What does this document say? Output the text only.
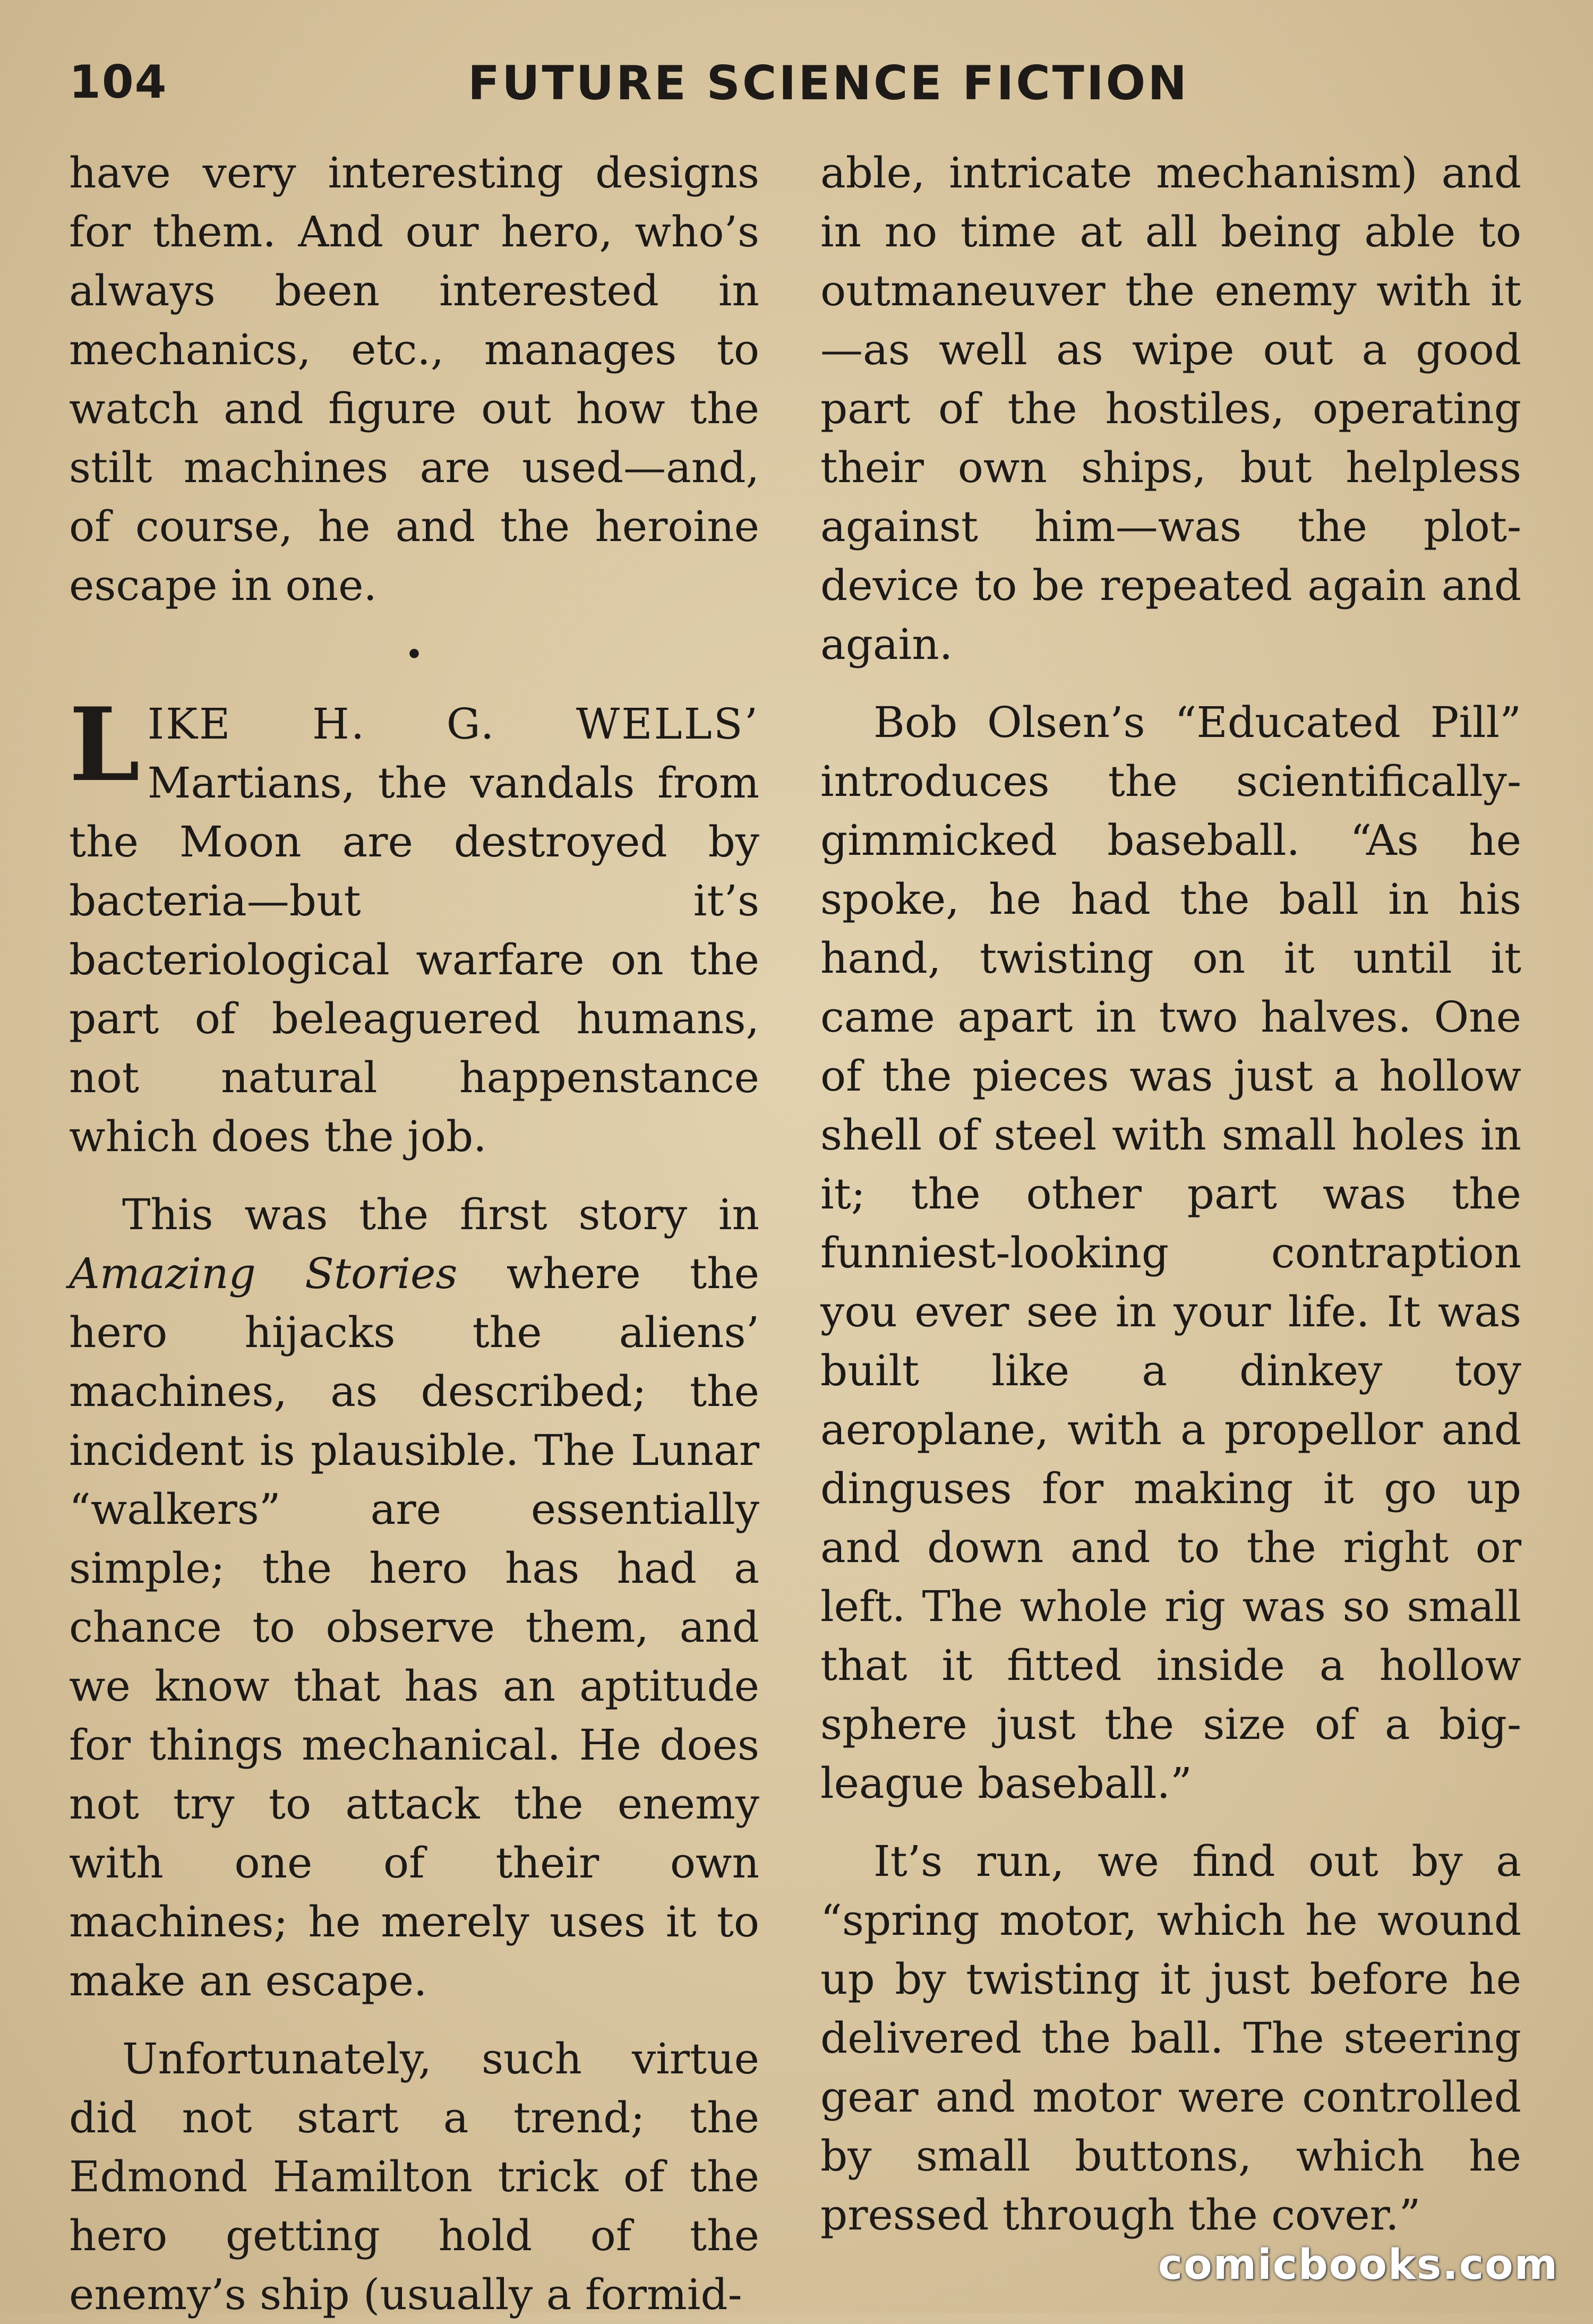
104	FUTURE SCIENCE FICTION

have very interesting designs for them. And our hero, who’s always been interested in mechanics, etc., manages to watch and figure out how the stilt machines are used—and, of course, he and the heroine escape in one.

•

LIKE H. G. WELLS’ Martians, the vandals from the Moon are destroyed by bacteria—but it’s bacteriological warfare on the part of beleaguered humans, not natural happenstance which does the job.

This was the first story in Amazing Stories where the hero hijacks the aliens’ machines, as described; the incident is plausible. The Lunar “walkers” are essentially simple; the hero has had a chance to observe them, and we know that has an aptitude for things mechanical. He does not try to attack the enemy with one of their own machines; he merely uses it to make an escape.

Unfortunately, such virtue did not start a trend; the Edmond Hamilton trick of the hero getting hold of the enemy’s ship (usually a formid-

able, intricate mechanism) and in no time at all being able to outmaneuver the enemy with it—as well as wipe out a good part of the hostiles, operating their own ships, but helpless against him—was the plot-device to be repeated again and again.

Bob Olsen’s “Educated Pill” introduces the scientifically-gimmicked baseball. “As he spoke, he had the ball in his hand, twisting on it until it came apart in two halves. One of the pieces was just a hollow shell of steel with small holes in it; the other part was the funniest-looking contraption you ever see in your life. It was built like a dinkey toy aeroplane, with a propellor and dinguses for making it go up and down and to the right or left. The whole rig was so small that it fitted inside a hollow sphere just the size of a big-league baseball.”

It’s run, we find out by a “spring motor, which he wound up by twisting it just before he delivered the ball. The steering gear and motor were controlled by small buttons, which he pressed through the cover.”

comicbooks.com
